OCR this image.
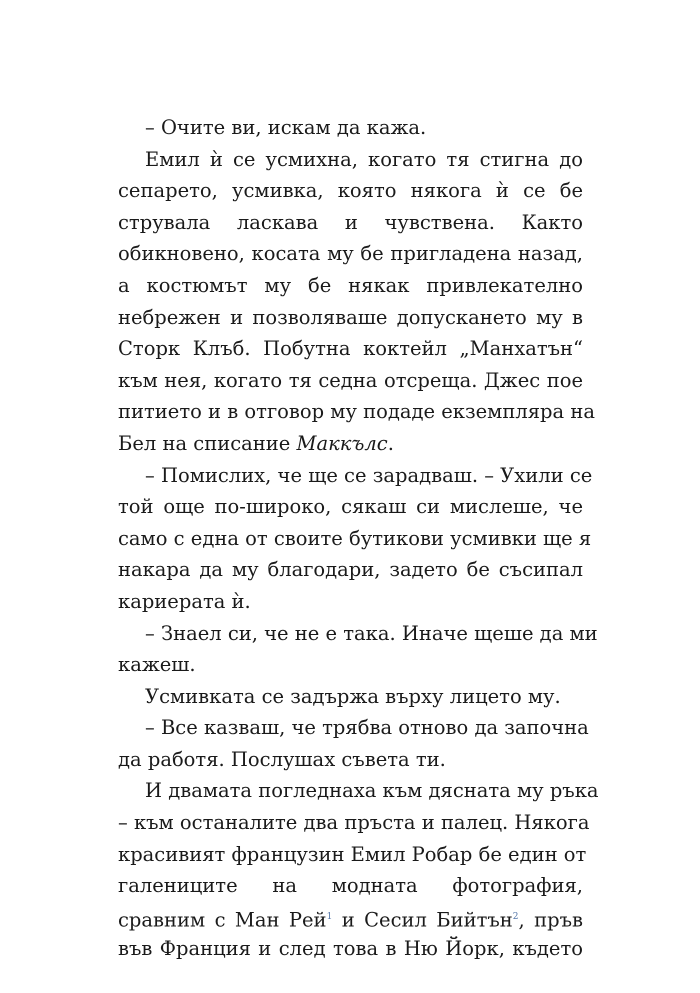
– Очите ви, искам да кажа.
Емил ѝ се усмихна, когато тя стигна до
сепарето, усмивка, която някога ѝ се бе
струвала ласкава и чувствена. Както
обикновено, косата му бе пригладена назад,
а костюмът му бе някак привлекателно
небрежен и позволяваше допускането му в
Сторк Клъб. Побутна коктейл „Манхатън“
към нея, когато тя седна отсреща. Джес пое
питието и в отговор му подаде екземпляра на
Бел на списание Маккълс.
– Помислих, че ще се зарадваш. – Ухили се
той още по-широко, сякаш си мислеше, че
само с една от своите бутикови усмивки ще я
накара да му благодари, задето бе съсипал
кариерата ѝ.
– Знаел си, че не е така. Иначе щеше да ми
кажеш.
Усмивката се задържа върху лицето му.
– Все казваш, че трябва отново да започна
да работя. Послушах съвета ти.
И двамата погледнаха към дясната му ръка
– към останалите два пръста и палец. Някога
красивият французин Емил Робар бе един от
галениците на модната фотография,
сравним с Ман Рей$^1$ и Сесил Бийтън$^2$, пръв
във Франция и след това в Ню Йорк, където
